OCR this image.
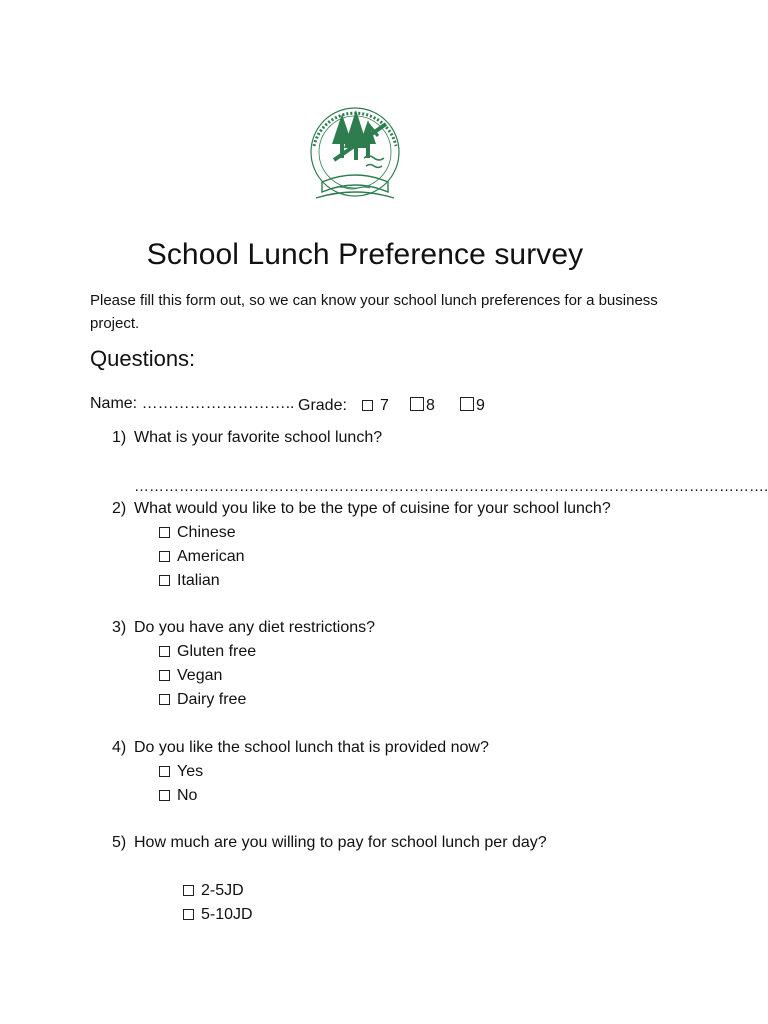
School Lunch Preference survey
Please fill this form out, so we can know your school lunch preferences for a business project.
Questions:
Name: ……………………….. Grade:	7	8	9
1) What is your favorite school lunch?
……………………………………………………………………………………………………………….
2) What would you like to be the type of cuisine for your school lunch?
Chinese
American
Italian
3) Do you have any diet restrictions?
Gluten free
Vegan
Dairy free
4) Do you like the school lunch that is provided now?
Yes
No
5) How much are you willing to pay for school lunch per day?
2-5JD
5-10JD
